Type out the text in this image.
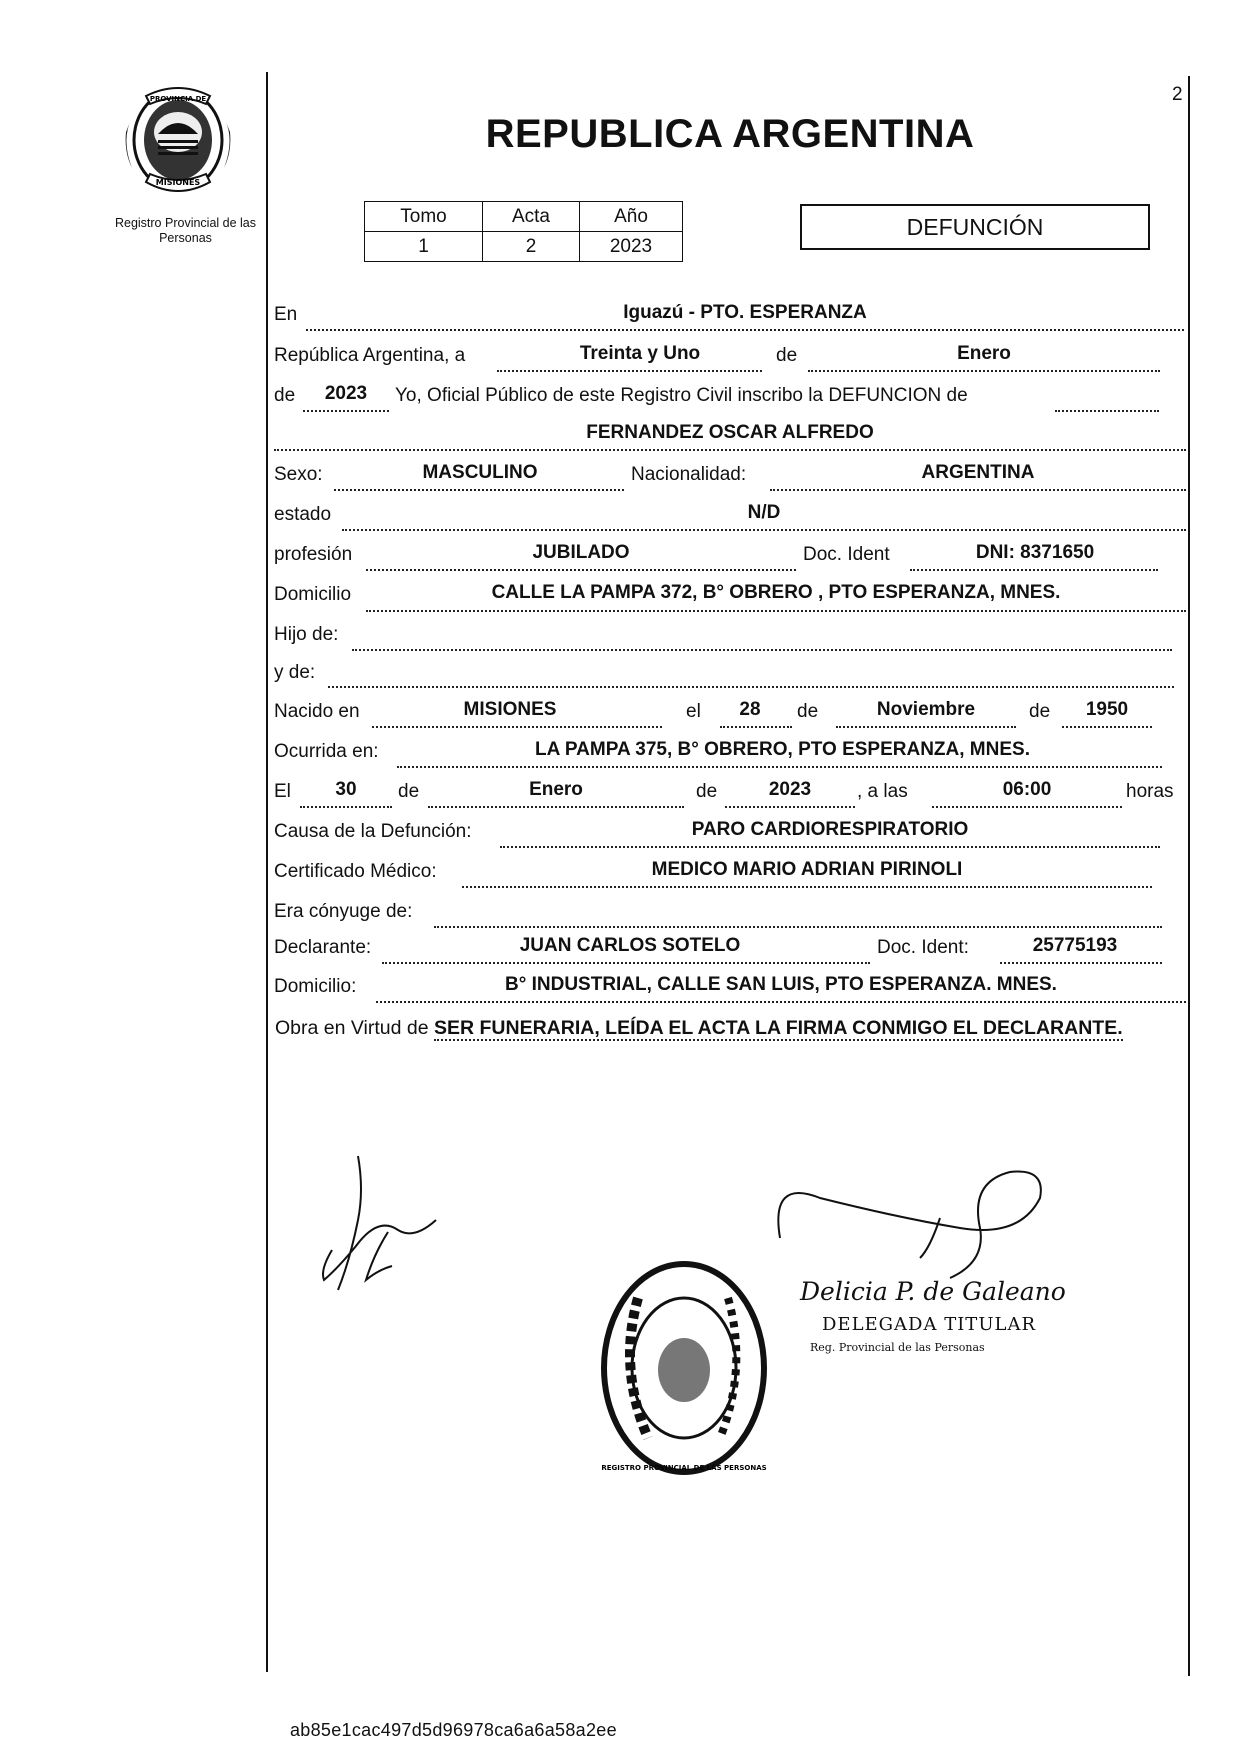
PROVINCIA DE
MISIONES
Registro Provincial de las Personas
2
REPUBLICA ARGENTINA
Tomo	Acta	Año
1	2	2023
DEFUNCIÓN
En	Iguazú - PTO. ESPERANZA
República Argentina, a	Treinta y Uno	de	Enero
de	2023	Yo, Oficial Público de este Registro Civil inscribo la DEFUNCION de
FERNANDEZ OSCAR ALFREDO
Sexo:	MASCULINO	Nacionalidad:	ARGENTINA
estado	N/D
profesión	JUBILADO	Doc. Ident	DNI: 8371650
Domicilio	CALLE LA PAMPA 372, B° OBRERO , PTO ESPERANZA, MNES.
Hijo de:
y de:
Nacido en	MISIONES	el	28	de	Noviembre	de	1950
Ocurrida en:	LA PAMPA 375, B° OBRERO, PTO ESPERANZA, MNES.
El	30	de	Enero	de	2023	, a las	06:00	horas
Causa de la Defunción:	PARO CARDIORESPIRATORIO
Certificado Médico:	MEDICO MARIO ADRIAN PIRINOLI
Era cónyuge de:
Declarante:	JUAN CARLOS SOTELO	Doc. Ident:	25775193
Domicilio:	B° INDUSTRIAL, CALLE SAN LUIS, PTO ESPERANZA. MNES.
Obra en Virtud de SER FUNERARIA, LEÍDA EL ACTA LA FIRMA CONMIGO EL DECLARANTE.
REGISTRO PROVINCIAL DE LAS PERSONAS
Delicia P. de Galeano
DELEGADA TITULAR
Reg. Provincial de las Personas
ab85e1cac497d5d96978ca6a6a58a2ee
